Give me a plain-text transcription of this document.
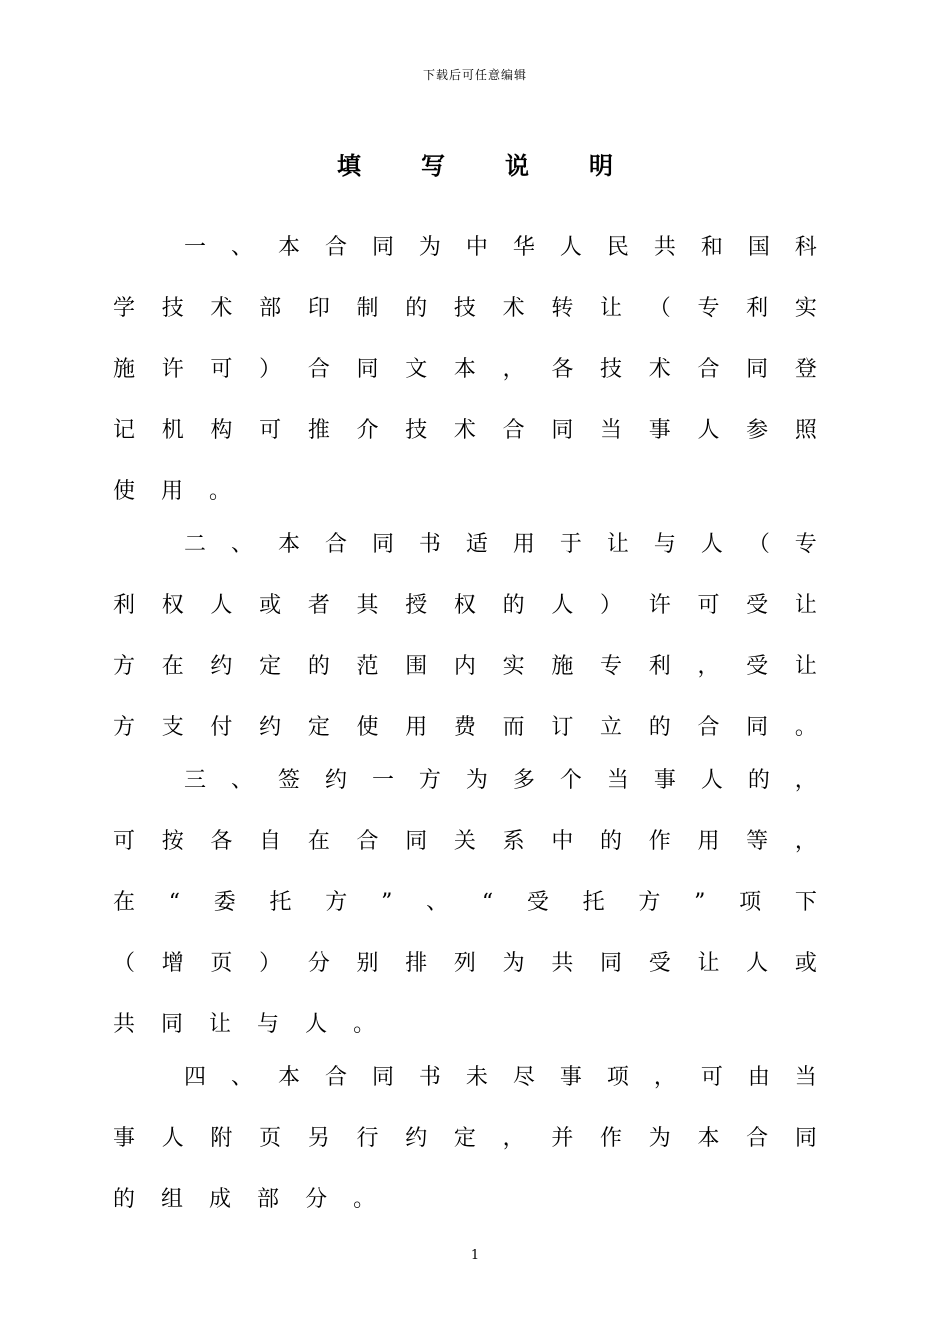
下载后可任意编辑
填	写	说	明
一 、 本 合 同 为 中 华 人 民 共 和 国 科
学 技 术 部 印 制 的 技 术 转 让 （ 专 利 实
施 许 可 ） 合 同 文 本 ， 各 技 术 合 同 登
记 机 构 可 推 介 技 术 合 同 当 事 人 参 照
使 用 。
二 、 本 合 同 书 适 用 于 让 与 人 （ 专
利 权 人 或 者 其 授 权 的 人 ） 许 可 受 让
方 在 约 定 的 范 围 内 实 施 专 利 ， 受 让
方 支 付 约 定 使 用 费 而 订 立 的 合 同 。
三 、 签 约 一 方 为 多 个 当 事 人 的 ，
可 按 各 自 在 合 同 关 系 中 的 作 用 等 ，
在 “ 委 托 方 ” 、 “ 受 托 方 ” 项 下
（ 增 页 ） 分 别 排 列 为 共 同 受 让 人 或
共 同 让 与 人 。
四 、 本 合 同 书 未 尽 事 项 ， 可 由 当
事 人 附 页 另 行 约 定 ， 并 作 为 本 合 同
的 组 成 部 分 。
1
